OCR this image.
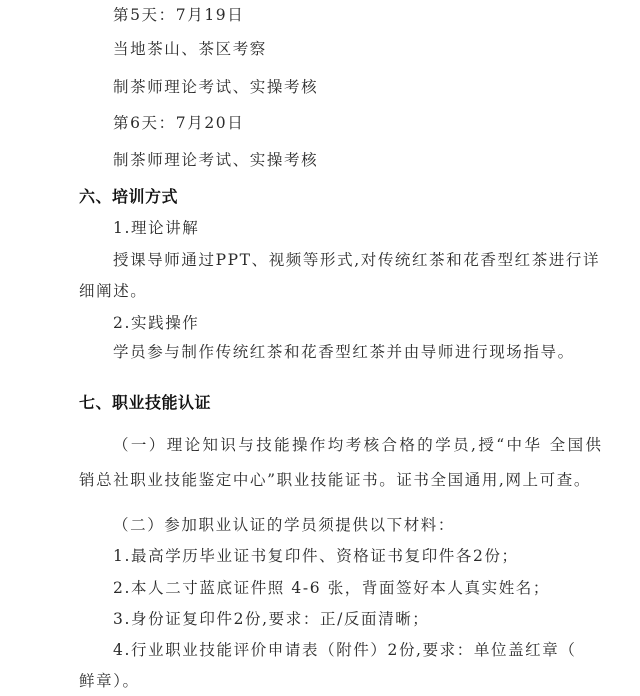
第5天：7月19日
当地茶山、茶区考察
制茶师理论考试、实操考核
第6天：7月20日
制茶师理论考试、实操考核
六、培训方式
1.理论讲解
授课导师通过PPT、视频等形式,对传统红茶和花香型红茶进行详
细阐述。
2.实践操作
学员参与制作传统红茶和花香型红茶并由导师进行现场指导。
七、职业技能认证
（一）理论知识与技能操作均考核合格的学员,授“中华 全国供
销总社职业技能鉴定中心”职业技能证书。证书全国通用,网上可查。
（二）参加职业认证的学员须提供以下材料：
1.最高学历毕业证书复印件、资格证书复印件各2份；
2.本人二寸蓝底证件照 4-6 张，背面签好本人真实姓名；
3.身份证复印件2份,要求：正/反面清晰；
4.行业职业技能评价申请表（附件）2份,要求：单位盖红章（
鲜章）。
